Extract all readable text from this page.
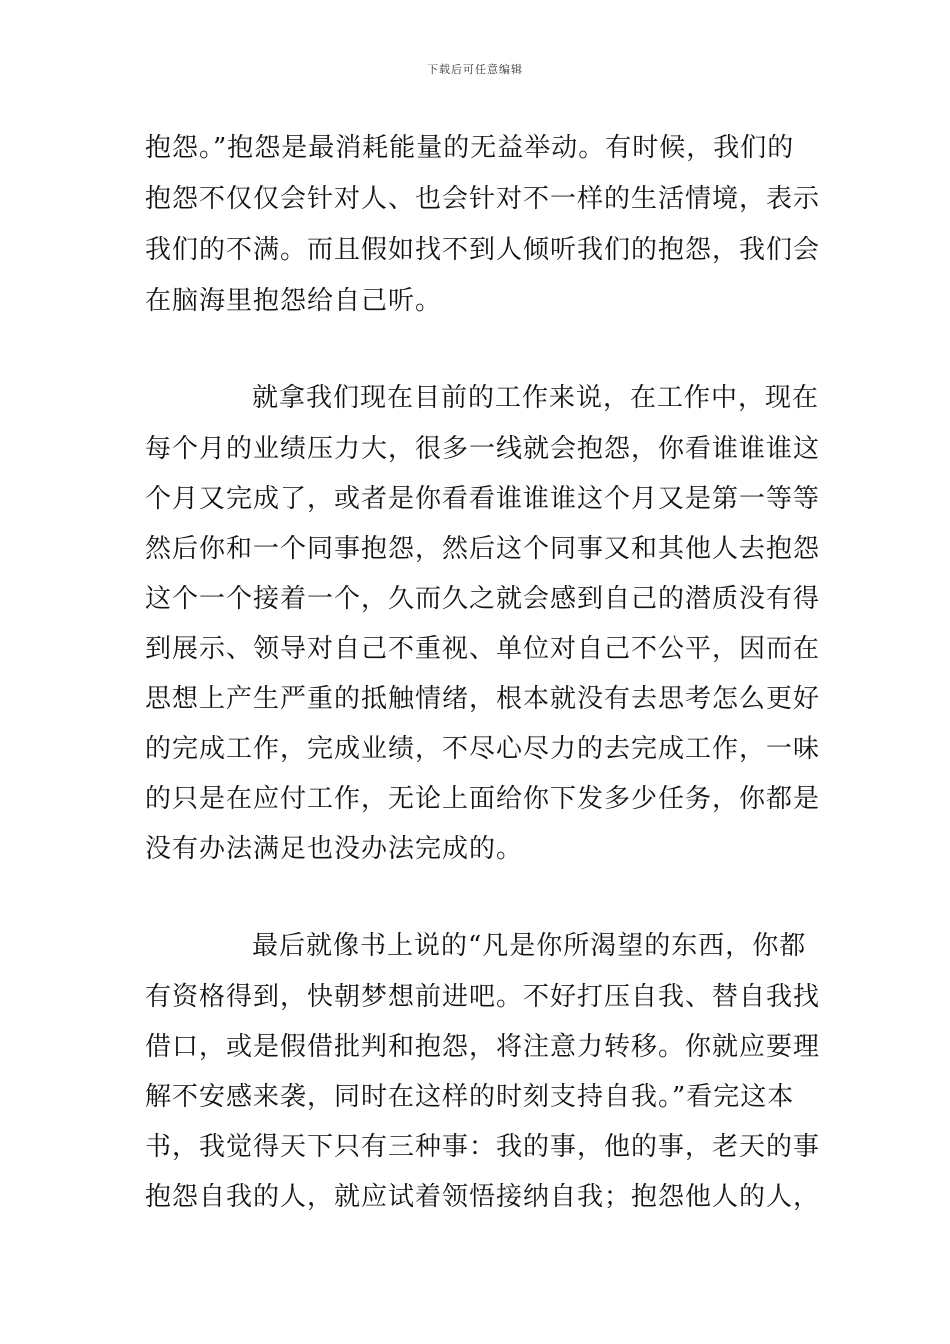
下载后可任意编辑

抱怨。”抱怨是最消耗能量的无益举动。有时候，我们的

抱怨不仅仅会针对人、也会针对不一样的生活情境，表示

我们的不满。而且假如找不到人倾听我们的抱怨，我们会

在脑海里抱怨给自己听。

就拿我们现在目前的工作来说，在工作中，现在

每个月的业绩压力大，很多一线就会抱怨，你看谁谁谁这

个月又完成了，或者是你看看谁谁谁这个月又是第一等等

然后你和一个同事抱怨，然后这个同事又和其他人去抱怨

这个一个接着一个，久而久之就会感到自己的潜质没有得

到展示、领导对自己不重视、单位对自己不公平，因而在

思想上产生严重的抵触情绪，根本就没有去思考怎么更好

的完成工作，完成业绩，不尽心尽力的去完成工作，一味

的只是在应付工作，无论上面给你下发多少任务，你都是

没有办法满足也没办法完成的。

最后就像书上说的“凡是你所渴望的东西，你都

有资格得到，快朝梦想前进吧。不好打压自我、替自我找

借口，或是假借批判和抱怨，将注意力转移。你就应要理

解不安感来袭，同时在这样的时刻支持自我。”看完这本

书，我觉得天下只有三种事：我的事，他的事，老天的事

抱怨自我的人，就应试着领悟接纳自我；抱怨他人的人，
